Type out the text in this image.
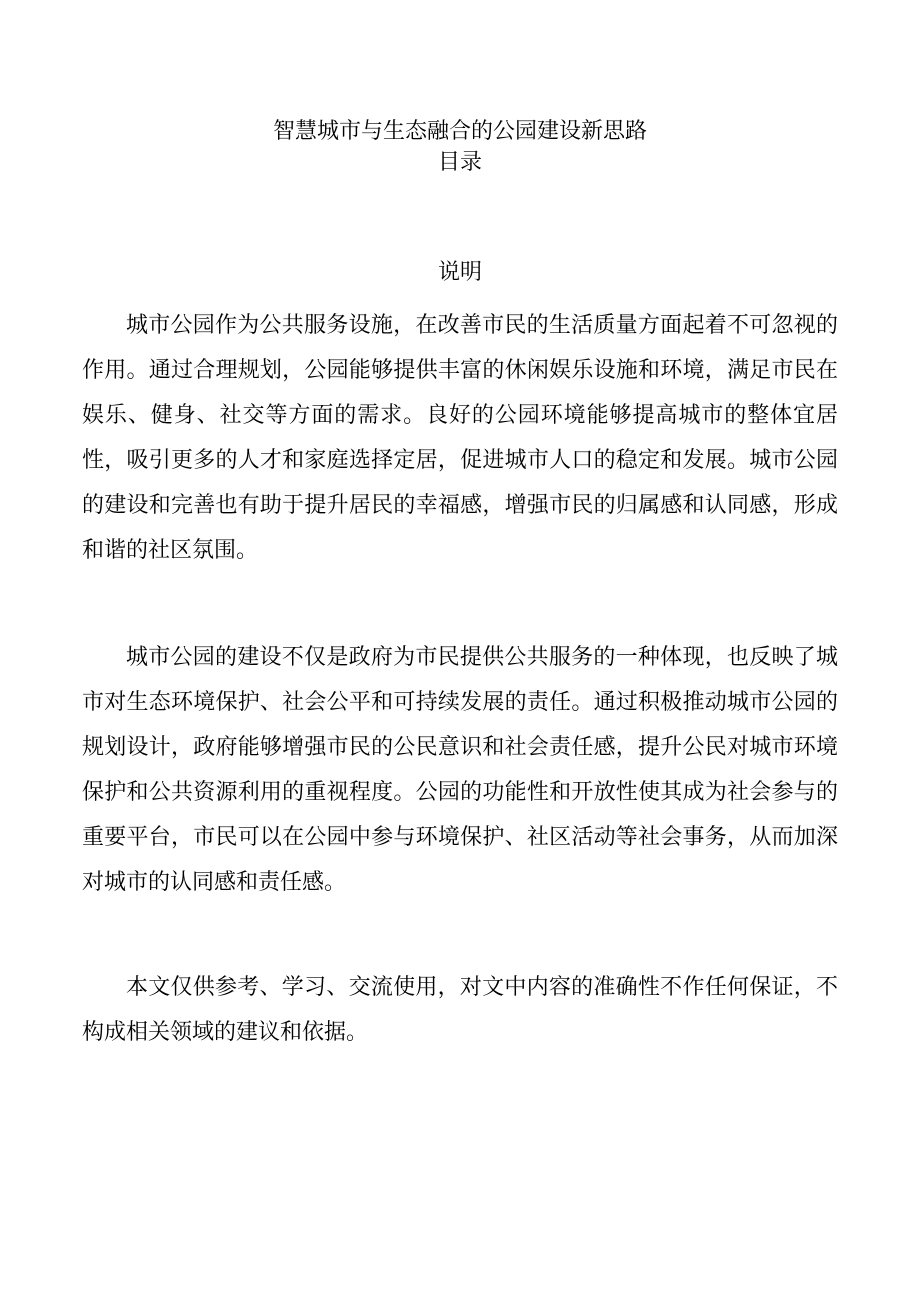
智慧城市与生态融合的公园建设新思路
目录
说明

城市公园作为公共服务设施，在改善市民的生活质量方面起着不可忽视的作用。通过合理规划，公园能够提供丰富的休闲娱乐设施和环境，满足市民在娱乐、健身、社交等方面的需求。良好的公园环境能够提高城市的整体宜居性，吸引更多的人才和家庭选择定居，促进城市人口的稳定和发展。城市公园的建设和完善也有助于提升居民的幸福感，增强市民的归属感和认同感，形成和谐的社区氛围。

城市公园的建设不仅是政府为市民提供公共服务的一种体现，也反映了城市对生态环境保护、社会公平和可持续发展的责任。通过积极推动城市公园的规划设计，政府能够增强市民的公民意识和社会责任感，提升公民对城市环境保护和公共资源利用的重视程度。公园的功能性和开放性使其成为社会参与的重要平台，市民可以在公园中参与环境保护、社区活动等社会事务，从而加深对城市的认同感和责任感。

本文仅供参考、学习、交流使用，对文中内容的准确性不作任何保证，不构成相关领域的建议和依据。
